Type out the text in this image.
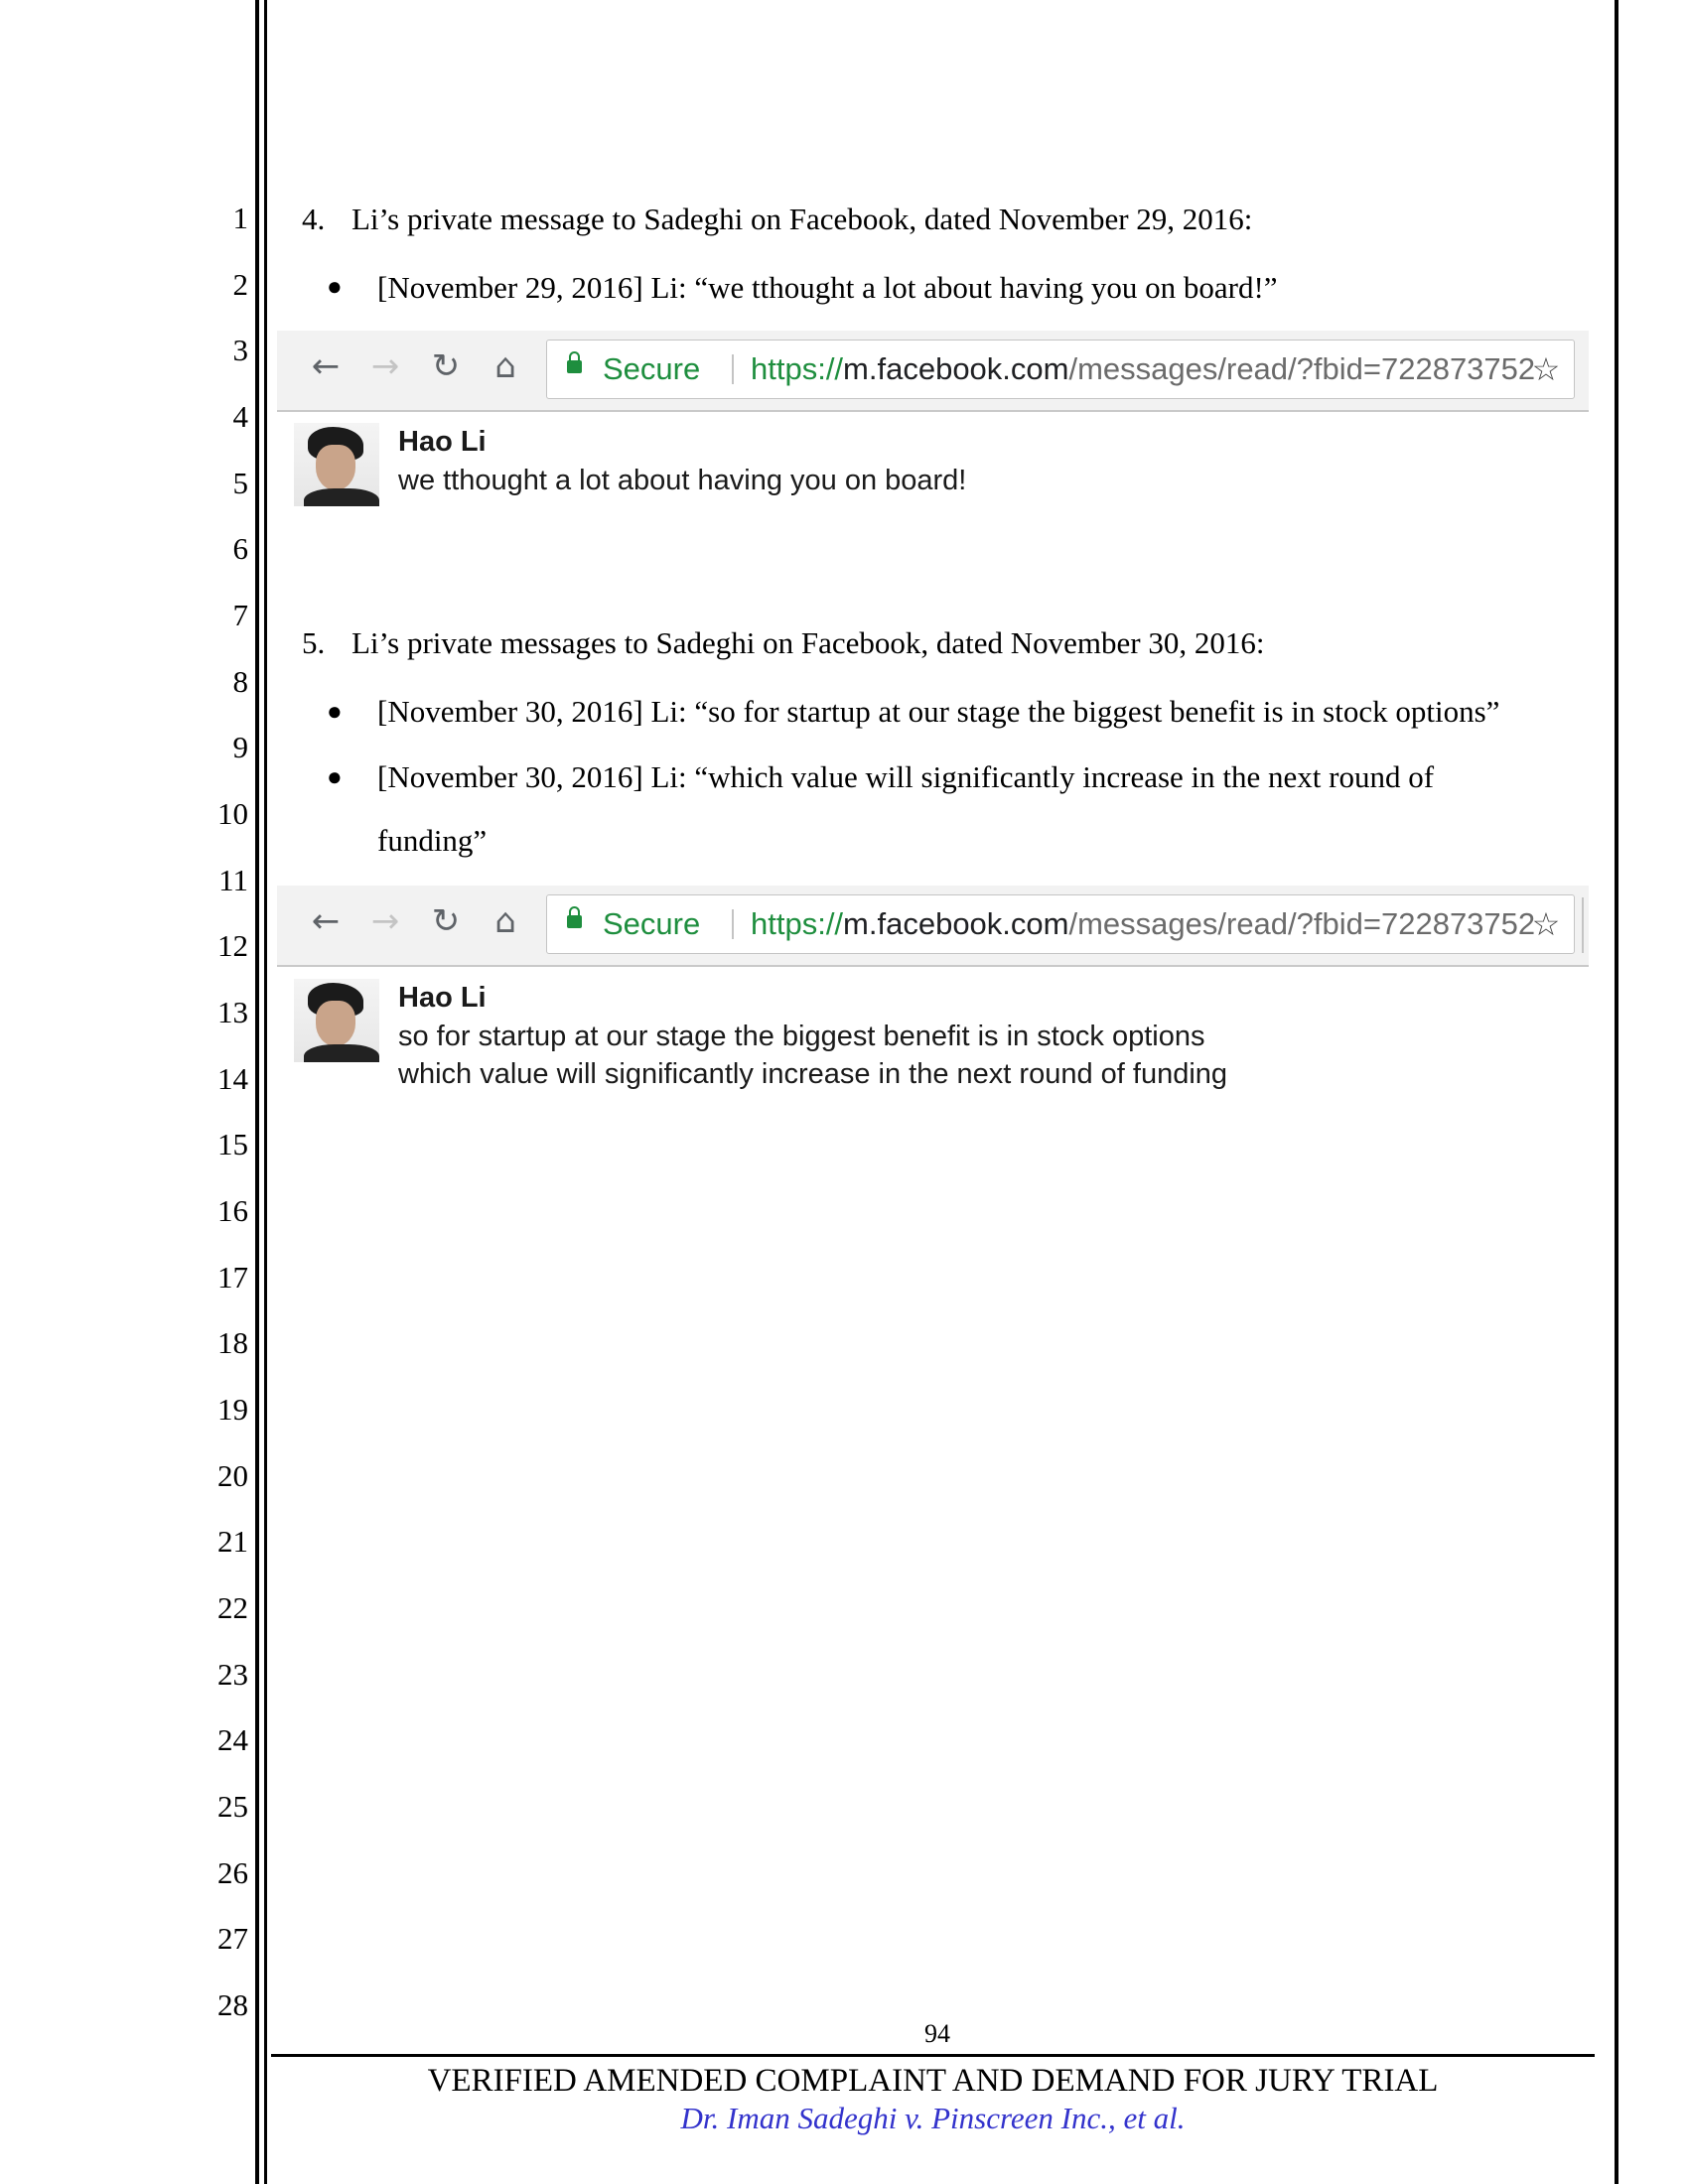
1
2
3
4
5
6
7
8
9
10
11
12
13
14
15
16
17
18
19
20
21
22
23
24
25
26
27
28
4. Li’s private message to Sadeghi on Facebook, dated November 29, 2016:
● [November 29, 2016] Li: “we tthought a lot about having you on board!”
← → ↻ ⌂	Secure https://m.facebook.com/messages/read/?fbid=722873752
☆
Hao Li
we tthought a lot about having you on board!
5. Li’s private messages to Sadeghi on Facebook, dated November 30, 2016:
● [November 30, 2016] Li: “so for startup at our stage the biggest benefit is in stock options”
● [November 30, 2016] Li: “which value will significantly increase in the next round of
funding”
← → ↻ ⌂	Secure https://m.facebook.com/messages/read/?fbid=722873752
☆
Hao Li
so for startup at our stage the biggest benefit is in stock options
which value will significantly increase in the next round of funding
94
VERIFIED AMENDED COMPLAINT AND DEMAND FOR JURY TRIAL
Dr. Iman Sadeghi v. Pinscreen Inc., et al.
